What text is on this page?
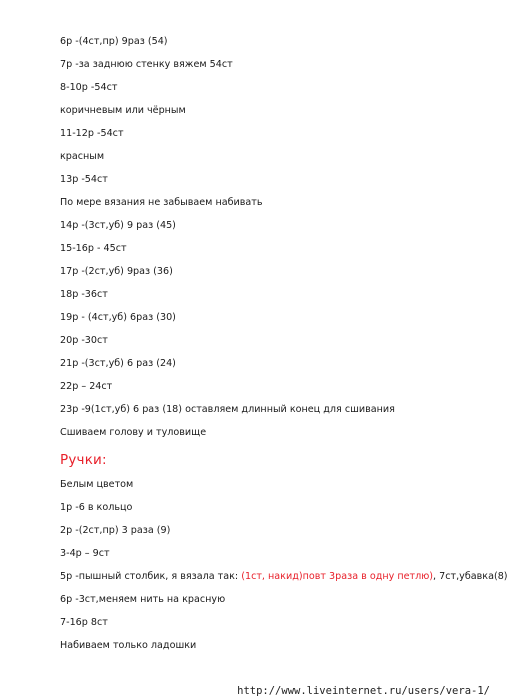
6р -(4ст,пр) 9раз (54)
7р -за заднюю стенку вяжем 54ст
8-10р -54ст
коричневым или чёрным
11-12р -54ст
красным
13р -54ст
По мере вязания не забываем набивать
14р -(3ст,уб) 9 раз (45)
15-16р - 45ст
17р -(2ст,уб) 9раз (36)
18р -36ст
19р - (4ст,уб) 6раз (30)
20р -30ст
21р -(3ст,уб) 6 раз (24)
22р – 24ст
23р -9(1ст,уб) 6 раз (18) оставляем длинный конец для сшивания
Сшиваем голову и туловище
Ручки:
Белым цветом
1р -6 в кольцо
2р -(2ст,пр) 3 раза (9)
3-4р – 9ст
5р -пышный столбик, я вязала так: (1ст, накид)повт 3раза в одну петлю), 7ст,убавка(8)
6р -3ст,меняем нить на красную
7-16р 8ст
Набиваем только ладошки
http://www.liveinternet.ru/users/vera-1/
